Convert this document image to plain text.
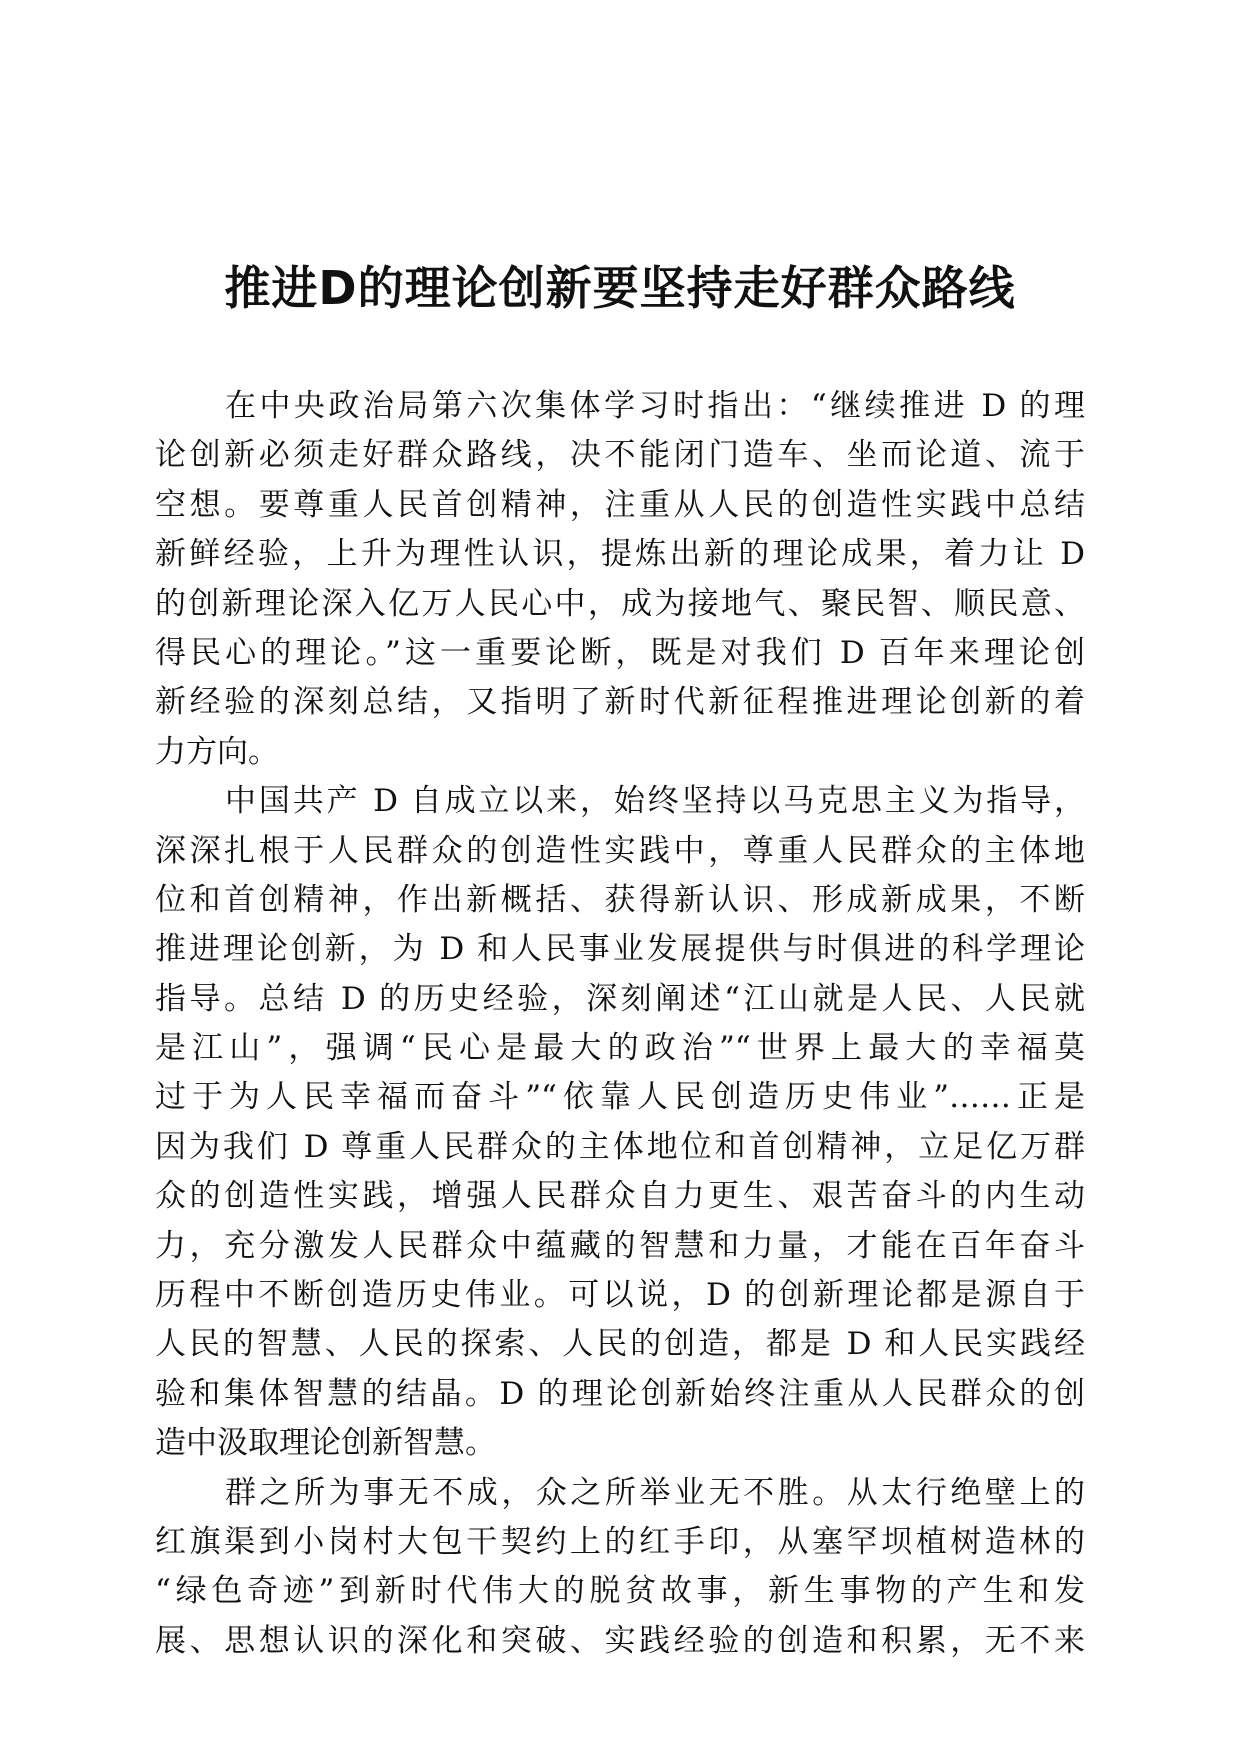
推进D的理论创新要坚持走好群众路线

在中央政治局第六次集体学习时指出：“继续推进 D 的理
论创新必须走好群众路线，决不能闭门造车、坐而论道、流于
空想。要尊重人民首创精神，注重从人民的创造性实践中总结
新鲜经验，上升为理性认识，提炼出新的理论成果，着力让 D
的创新理论深入亿万人民心中，成为接地气、聚民智、顺民意、
得民心的理论。”这一重要论断，既是对我们 D 百年来理论创
新经验的深刻总结，又指明了新时代新征程推进理论创新的着
力方向。

中国共产 D 自成立以来，始终坚持以马克思主义为指导，
深深扎根于人民群众的创造性实践中，尊重人民群众的主体地
位和首创精神，作出新概括、获得新认识、形成新成果，不断
推进理论创新，为 D 和人民事业发展提供与时俱进的科学理论
指导。总结 D 的历史经验，深刻阐述“江山就是人民、人民就
是江山”，强调“民心是最大的政治”“世界上最大的幸福莫
过于为人民幸福而奋斗”“依靠人民创造历史伟业”……正是
因为我们 D 尊重人民群众的主体地位和首创精神，立足亿万群
众的创造性实践，增强人民群众自力更生、艰苦奋斗的内生动
力，充分激发人民群众中蕴藏的智慧和力量，才能在百年奋斗
历程中不断创造历史伟业。可以说，D 的创新理论都是源自于
人民的智慧、人民的探索、人民的创造，都是 D 和人民实践经
验和集体智慧的结晶。D 的理论创新始终注重从人民群众的创
造中汲取理论创新智慧。

群之所为事无不成，众之所举业无不胜。从太行绝壁上的
红旗渠到小岗村大包干契约上的红手印，从塞罕坝植树造林的
“绿色奇迹”到新时代伟大的脱贫故事，新生事物的产生和发
展、思想认识的深化和突破、实践经验的创造和积累，无不来
